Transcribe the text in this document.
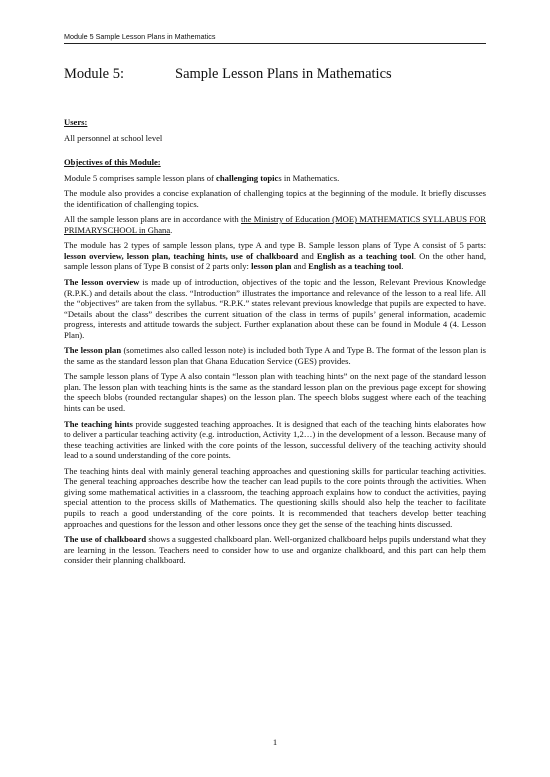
Module 5 Sample Lesson Plans in Mathematics
Module 5:	Sample Lesson Plans in Mathematics

Users:

All personnel at school level

Objectives of this Module:

Module 5 comprises sample lesson plans of challenging topics in Mathematics.

The module also provides a concise explanation of challenging topics at the beginning of the module. It briefly discusses the identification of challenging topics.

All the sample lesson plans are in accordance with the Ministry of Education (MOE) MATHEMATICS SYLLABUS FOR PRIMARYSCHOOL in Ghana.

The module has 2 types of sample lesson plans, type A and type B. Sample lesson plans of Type A consist of 5 parts: lesson overview, lesson plan, teaching hints, use of chalkboard and English as a teaching tool. On the other hand, sample lesson plans of Type B consist of 2 parts only: lesson plan and English as a teaching tool.

The lesson overview is made up of introduction, objectives of the topic and the lesson, Relevant Previous Knowledge (R.P.K.) and details about the class. “Introduction” illustrates the importance and relevance of the lesson to a real life. All the “objectives” are taken from the syllabus. “R.P.K.” states relevant previous knowledge that pupils are expected to have. “Details about the class” describes the current situation of the class in terms of pupils’ general information, academic progress, interests and attitude towards the subject. Further explanation about these can be found in Module 4 (4. Lesson Plan).

The lesson plan (sometimes also called lesson note) is included both Type A and Type B. The format of the lesson plan is the same as the standard lesson plan that Ghana Education Service (GES) provides.

The sample lesson plans of Type A also contain “lesson plan with teaching hints” on the next page of the standard lesson plan. The lesson plan with teaching hints is the same as the standard lesson plan on the previous page except for showing the speech blobs (rounded rectangular shapes) on the lesson plan. The speech blobs suggest where each of the teaching hints can be used.

The teaching hints provide suggested teaching approaches. It is designed that each of the teaching hints elaborates how to deliver a particular teaching activity (e.g. introduction, Activity 1,2…) in the development of a lesson. Because many of these teaching activities are linked with the core points of the lesson, successful delivery of the teaching activity should lead to a sound understanding of the core points.

The teaching hints deal with mainly general teaching approaches and questioning skills for particular teaching activities. The general teaching approaches describe how the teacher can lead pupils to the core points through the activities. When giving some mathematical activities in a classroom, the teaching approach explains how to conduct the activities, paying special attention to the process skills of Mathematics. The questioning skills should also help the teacher to facilitate pupils to reach a good understanding of the core points. It is recommended that teachers develop better teaching approaches and questions for the lesson and other lessons once they get the sense of the teaching hints discussed.

The use of chalkboard shows a suggested chalkboard plan. Well-organized chalkboard helps pupils understand what they are learning in the lesson. Teachers need to consider how to use and organize chalkboard, and this part can help them consider their planning chalkboard.

1
